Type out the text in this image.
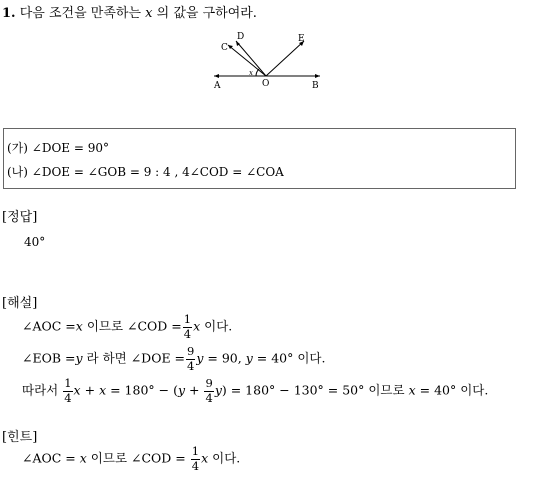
1. 다음 조건을 만족하는 x 의 값을 구하여라.
C
D	E
A	O	B
x
(가) ∠DOE = 90°
(나) ∠DOE = ∠GOB = 9 : 4 , 4∠COD = ∠COA
[정답]
40°
[해설]
∠AOC =x 이므로 ∠COD = $\frac{1}{4}$ x 이다.
∠EOB =y 라 하면 ∠DOE = $\frac{9}{4}$ y = 90, y = 40° 이다.
따라서 $\frac{1}{4}$ $x + x = 180^\circ - (y + \frac{9}{4} y) = 180^\circ - 130^\circ = 50^\circ$ 이므로 x = 40° 이다.
[힌트]
∠AOC = x 이므로 ∠COD = $\frac{1}{4}$ x 이다.
